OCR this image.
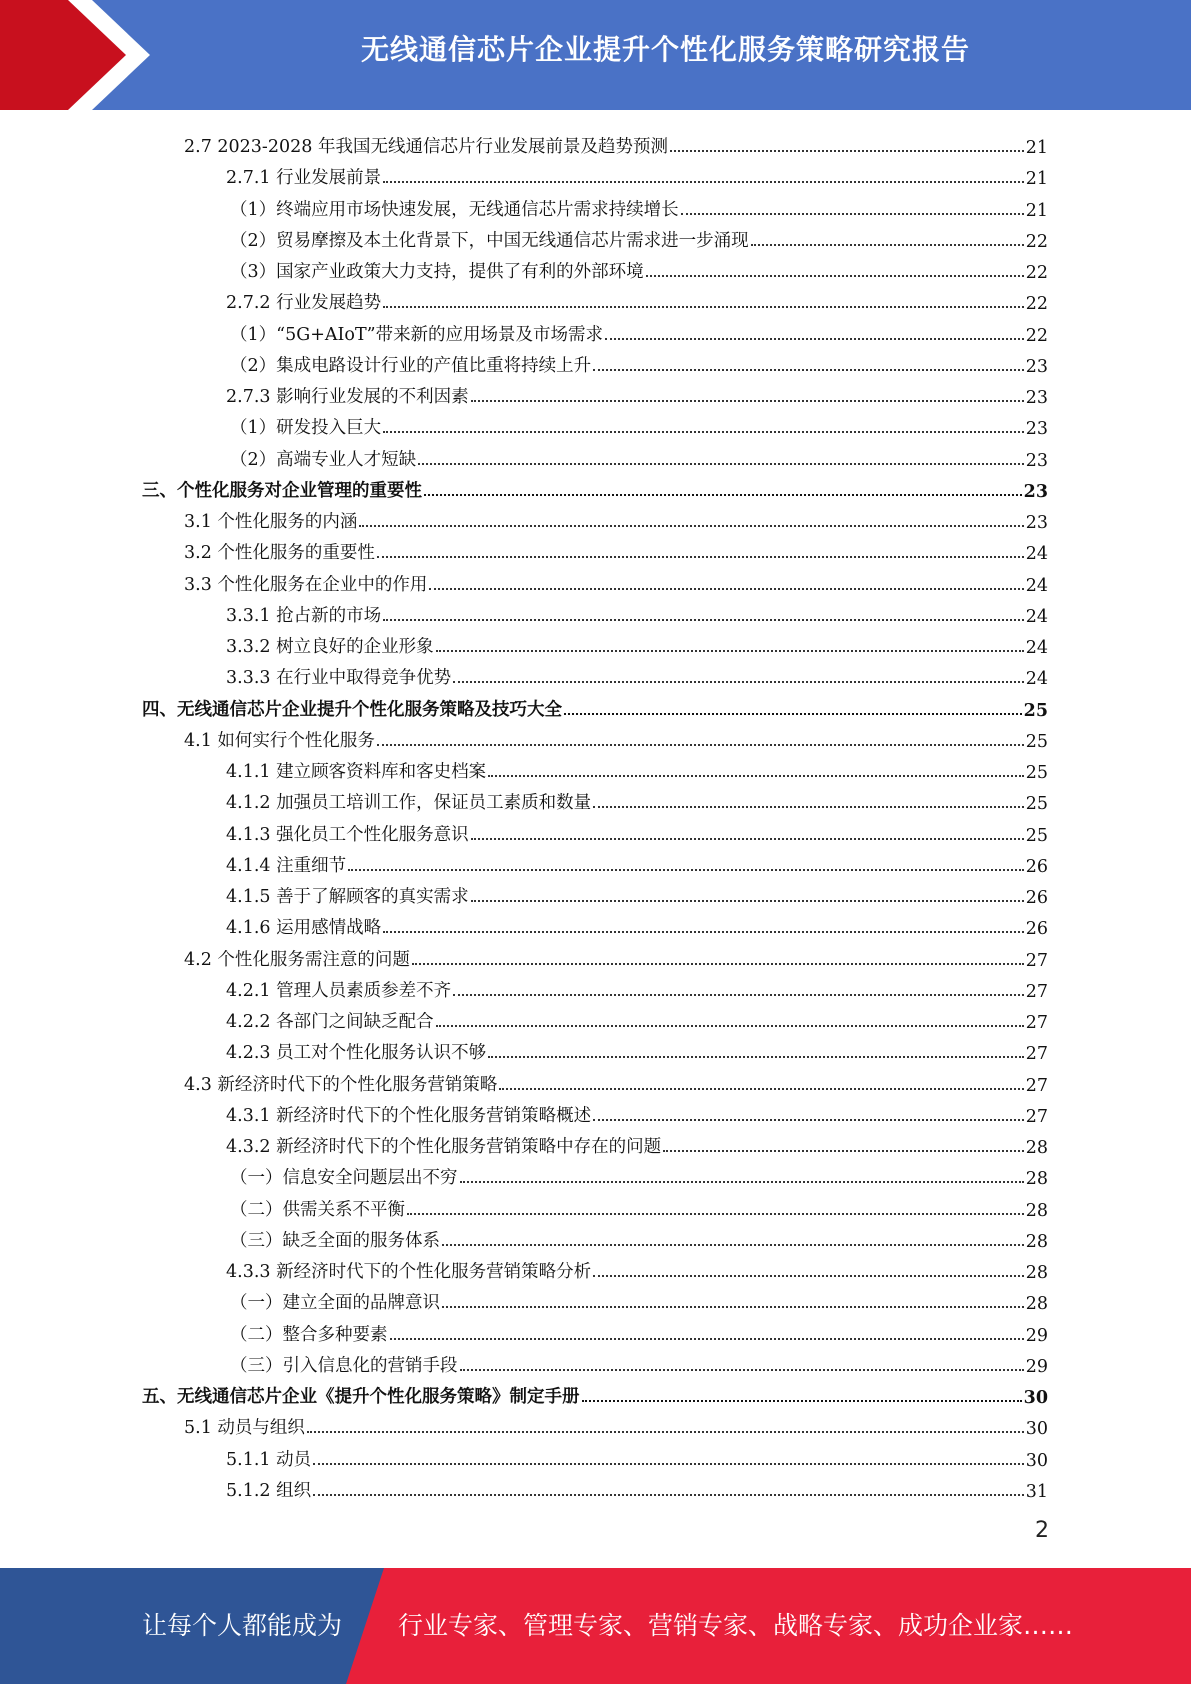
无线通信芯片企业提升个性化服务策略研究报告
2.7 2023-2028 年我国无线通信芯片行业发展前景及趋势预测	21
2.7.1 行业发展前景	21
（1）终端应用市场快速发展，无线通信芯片需求持续增长	21
（2）贸易摩擦及本土化背景下，中国无线通信芯片需求进一步涌现	22
（3）国家产业政策大力支持，提供了有利的外部环境	22
2.7.2 行业发展趋势	22
（1）“5G+AIoT”带来新的应用场景及市场需求	22
（2）集成电路设计行业的产值比重将持续上升	23
2.7.3 影响行业发展的不利因素	23
（1）研发投入巨大	23
（2）高端专业人才短缺	23
三、个性化服务对企业管理的重要性	23
3.1 个性化服务的内涵	23
3.2 个性化服务的重要性	24
3.3 个性化服务在企业中的作用	24
3.3.1 抢占新的市场	24
3.3.2 树立良好的企业形象	24
3.3.3 在行业中取得竞争优势	24
四、无线通信芯片企业提升个性化服务策略及技巧大全	25
4.1 如何实行个性化服务	25
4.1.1 建立顾客资料库和客史档案	25
4.1.2 加强员工培训工作，保证员工素质和数量	25
4.1.3 强化员工个性化服务意识	25
4.1.4 注重细节	26
4.1.5 善于了解顾客的真实需求	26
4.1.6 运用感情战略	26
4.2 个性化服务需注意的问题	27
4.2.1 管理人员素质参差不齐	27
4.2.2 各部门之间缺乏配合	27
4.2.3 员工对个性化服务认识不够	27
4.3 新经济时代下的个性化服务营销策略	27
4.3.1 新经济时代下的个性化服务营销策略概述	27
4.3.2 新经济时代下的个性化服务营销策略中存在的问题	28
（一）信息安全问题层出不穷	28
（二）供需关系不平衡	28
（三）缺乏全面的服务体系	28
4.3.3 新经济时代下的个性化服务营销策略分析	28
（一）建立全面的品牌意识	28
（二）整合多种要素	29
（三）引入信息化的营销手段	29
五、无线通信芯片企业《提升个性化服务策略》制定手册	30
5.1 动员与组织	30
5.1.1 动员	30
5.1.2 组织	31
2
让每个人都能成为 行业专家、管理专家、营销专家、战略专家、成功企业家……
